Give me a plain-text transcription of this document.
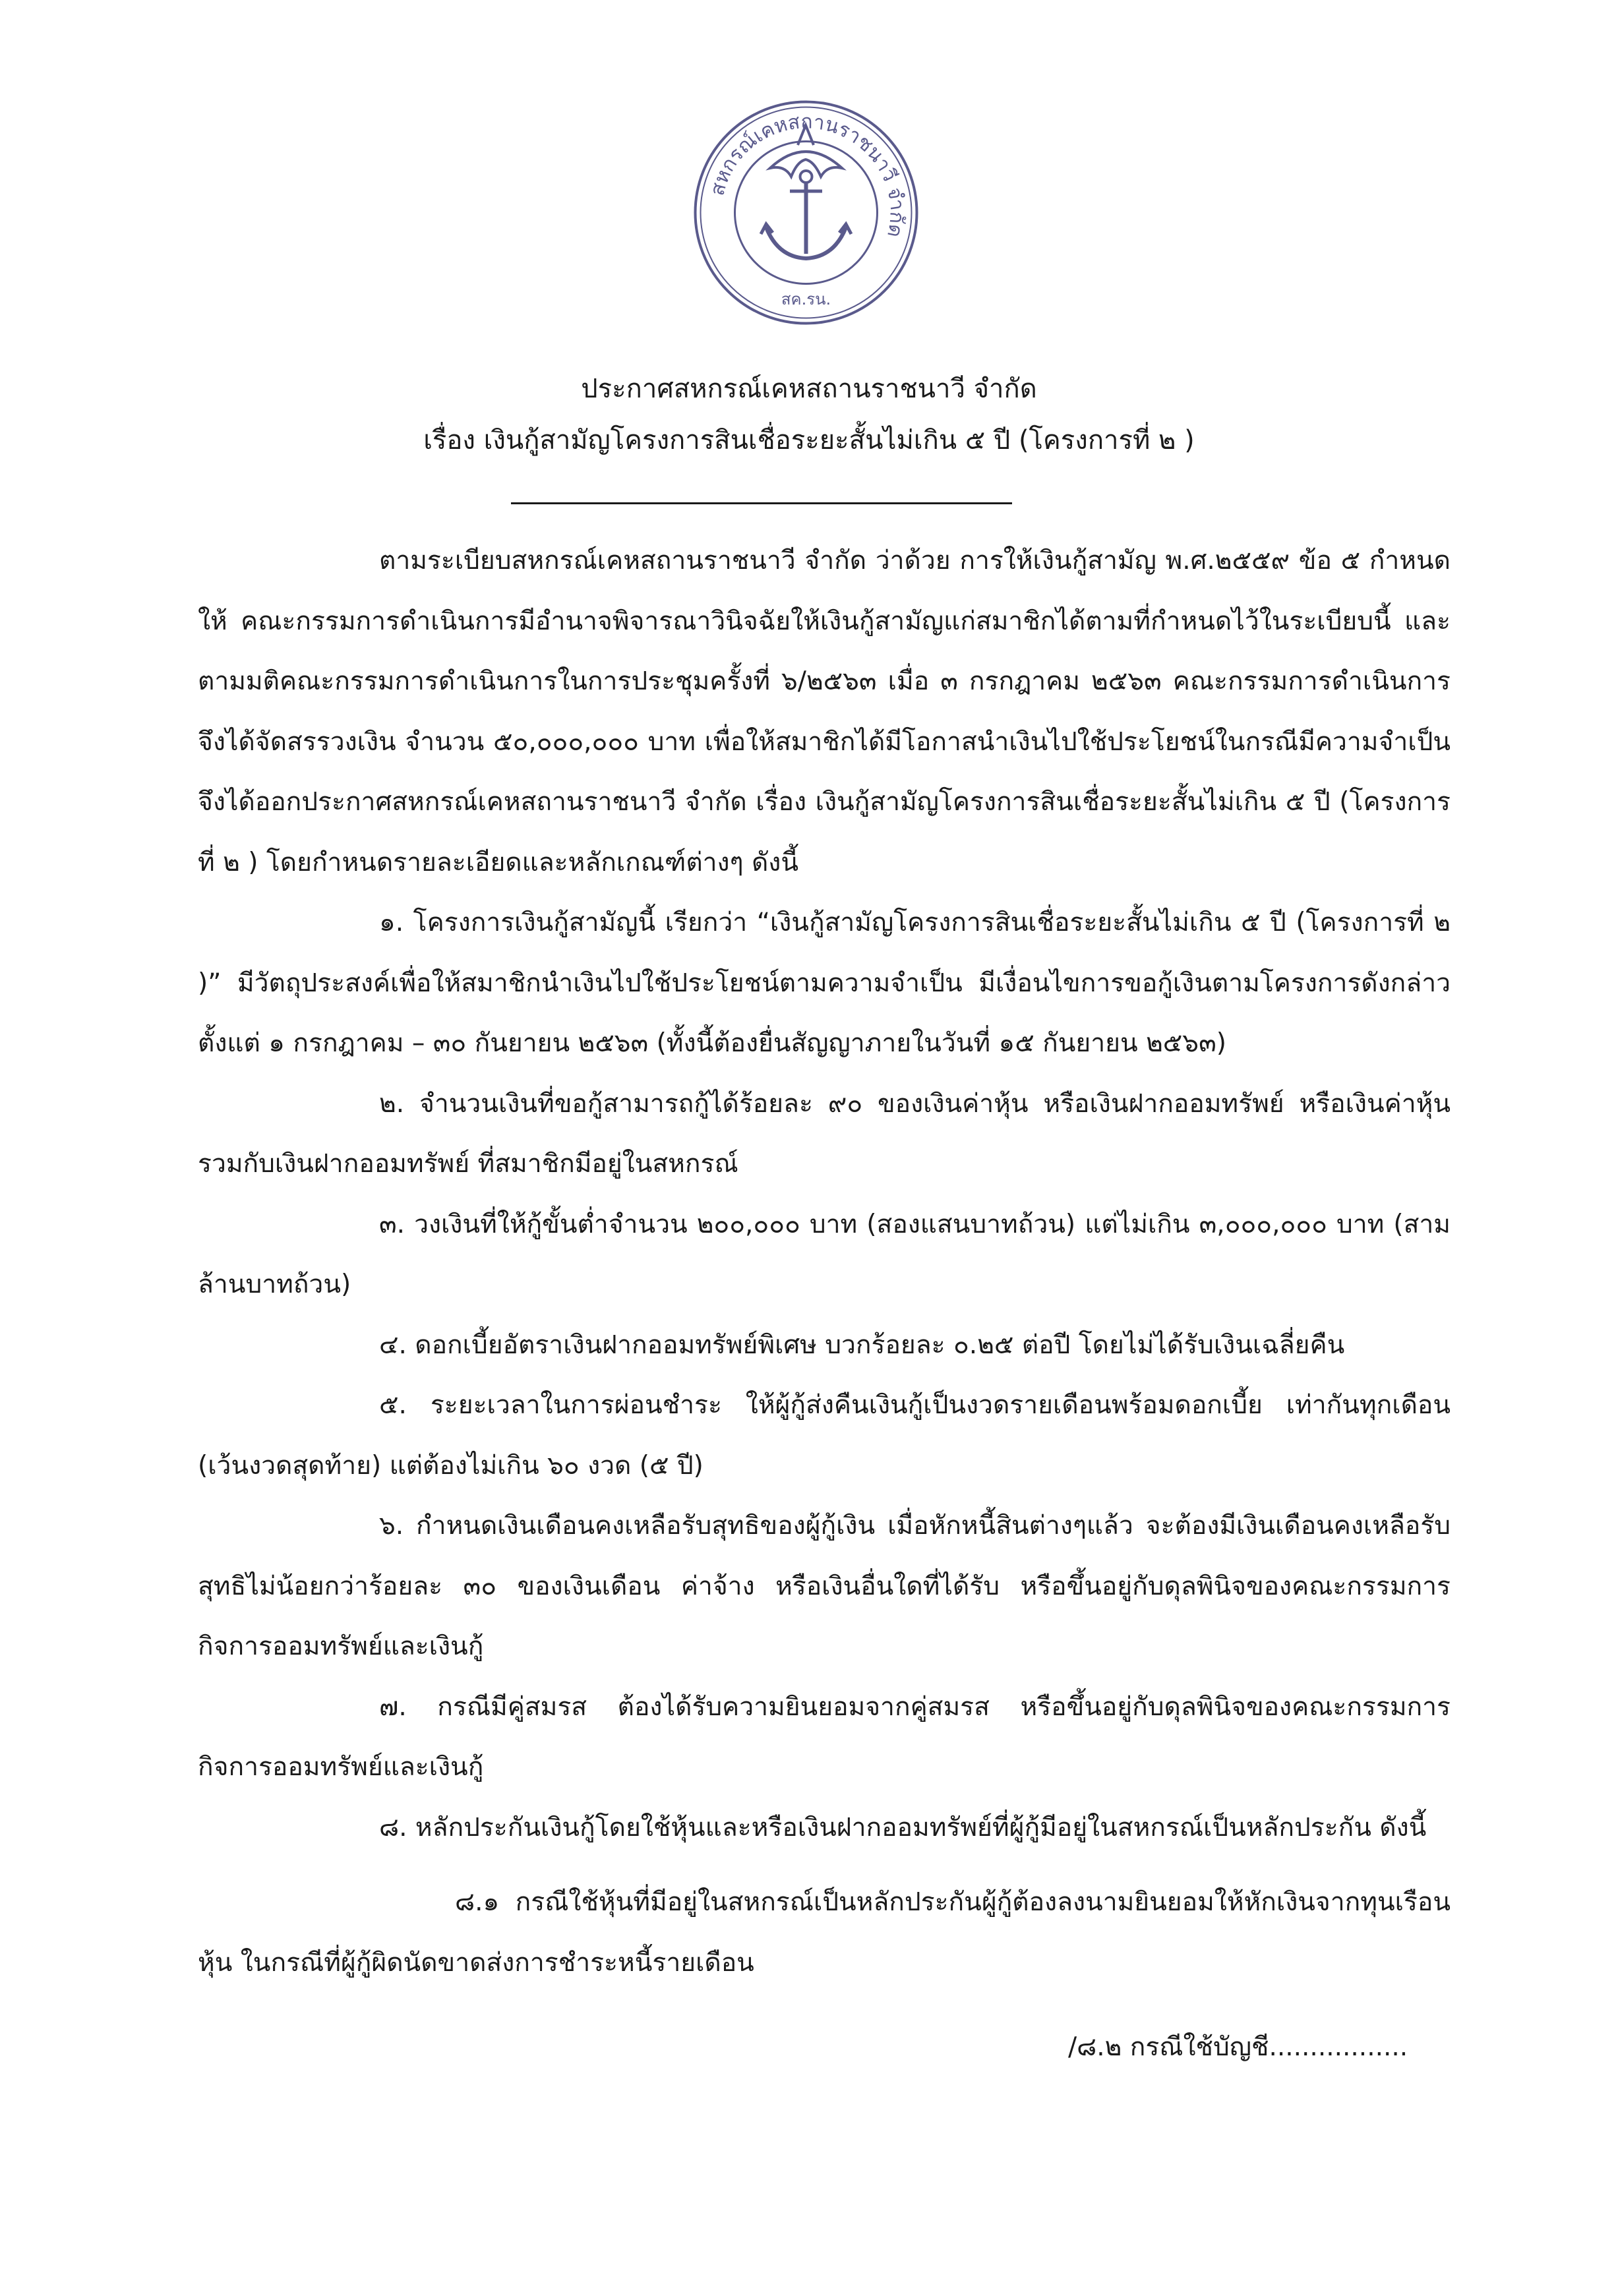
สหกรณ์เคหสถานราชนาวี จำกัด
สค.รน.
ประกาศสหกรณ์เคหสถานราชนาวี จำกัด
เรื่อง เงินกู้สามัญโครงการสินเชื่อระยะสั้นไม่เกิน ๕ ปี (โครงการที่ ๒ )

ตามระเบียบสหกรณ์เคหสถานราชนาวี จำกัด ว่าด้วย การให้เงินกู้สามัญ พ.ศ.๒๕๕๙ ข้อ ๕ กำหนดให้ คณะกรรมการดำเนินการมีอำนาจพิจารณาวินิจฉัยให้เงินกู้สามัญแก่สมาชิกได้ตามที่กำหนดไว้ในระเบียบนี้ และตามมติคณะกรรมการดำเนินการในการประชุมครั้งที่ ๖/๒๕๖๓ เมื่อ ๓ กรกฎาคม ๒๕๖๓ คณะกรรมการดำเนินการจึงได้จัดสรรวงเงิน จำนวน ๕๐,๐๐๐,๐๐๐ บาท เพื่อให้สมาชิกได้มีโอกาสนำเงินไปใช้ประโยชน์ในกรณีมีความจำเป็น จึงได้ออกประกาศสหกรณ์เคหสถานราชนาวี จำกัด เรื่อง เงินกู้สามัญโครงการสินเชื่อระยะสั้นไม่เกิน ๕ ปี (โครงการที่ ๒ ) โดยกำหนดรายละเอียดและหลักเกณฑ์ต่างๆ ดังนี้

๑. โครงการเงินกู้สามัญนี้ เรียกว่า “เงินกู้สามัญโครงการสินเชื่อระยะสั้นไม่เกิน ๕ ปี (โครงการที่ ๒ )” มีวัตถุประสงค์เพื่อให้สมาชิกนำเงินไปใช้ประโยชน์ตามความจำเป็น มีเงื่อนไขการขอกู้เงินตามโครงการดังกล่าว ตั้งแต่ ๑ กรกฎาคม – ๓๐ กันยายน ๒๕๖๓ (ทั้งนี้ต้องยื่นสัญญาภายในวันที่ ๑๕ กันยายน ๒๕๖๓)

๒. จำนวนเงินที่ขอกู้สามารถกู้ได้ร้อยละ ๙๐ ของเงินค่าหุ้น หรือเงินฝากออมทรัพย์ หรือเงินค่าหุ้นรวมกับเงินฝากออมทรัพย์ ที่สมาชิกมีอยู่ในสหกรณ์

๓. วงเงินที่ให้กู้ขั้นต่ำจำนวน ๒๐๐,๐๐๐ บาท (สองแสนบาทถ้วน) แต่ไม่เกิน ๓,๐๐๐,๐๐๐ บาท (สามล้านบาทถ้วน)

๔. ดอกเบี้ยอัตราเงินฝากออมทรัพย์พิเศษ บวกร้อยละ ๐.๒๕ ต่อปี โดยไม่ได้รับเงินเฉลี่ยคืน

๕. ระยะเวลาในการผ่อนชำระ ให้ผู้กู้ส่งคืนเงินกู้เป็นงวดรายเดือนพร้อมดอกเบี้ย เท่ากันทุกเดือน (เว้นงวดสุดท้าย) แต่ต้องไม่เกิน ๖๐ งวด (๕ ปี)

๖. กำหนดเงินเดือนคงเหลือรับสุทธิของผู้กู้เงิน เมื่อหักหนี้สินต่างๆแล้ว จะต้องมีเงินเดือนคงเหลือรับสุทธิไม่น้อยกว่าร้อยละ ๓๐ ของเงินเดือน ค่าจ้าง หรือเงินอื่นใดที่ได้รับ หรือขึ้นอยู่กับดุลพินิจของคณะกรรมการกิจการออมทรัพย์และเงินกู้

๗. กรณีมีคู่สมรส ต้องได้รับความยินยอมจากคู่สมรส หรือขึ้นอยู่กับดุลพินิจของคณะกรรมการกิจการออมทรัพย์และเงินกู้

๘. หลักประกันเงินกู้โดยใช้หุ้นและหรือเงินฝากออมทรัพย์ที่ผู้กู้มีอยู่ในสหกรณ์เป็นหลักประกัน ดังนี้

๘.๑ กรณีใช้หุ้นที่มีอยู่ในสหกรณ์เป็นหลักประกันผู้กู้ต้องลงนามยินยอมให้หักเงินจากทุนเรือนหุ้น ในกรณีที่ผู้กู้ผิดนัดขาดส่งการชำระหนี้รายเดือน

/๘.๒ กรณีใช้บัญชี.................
